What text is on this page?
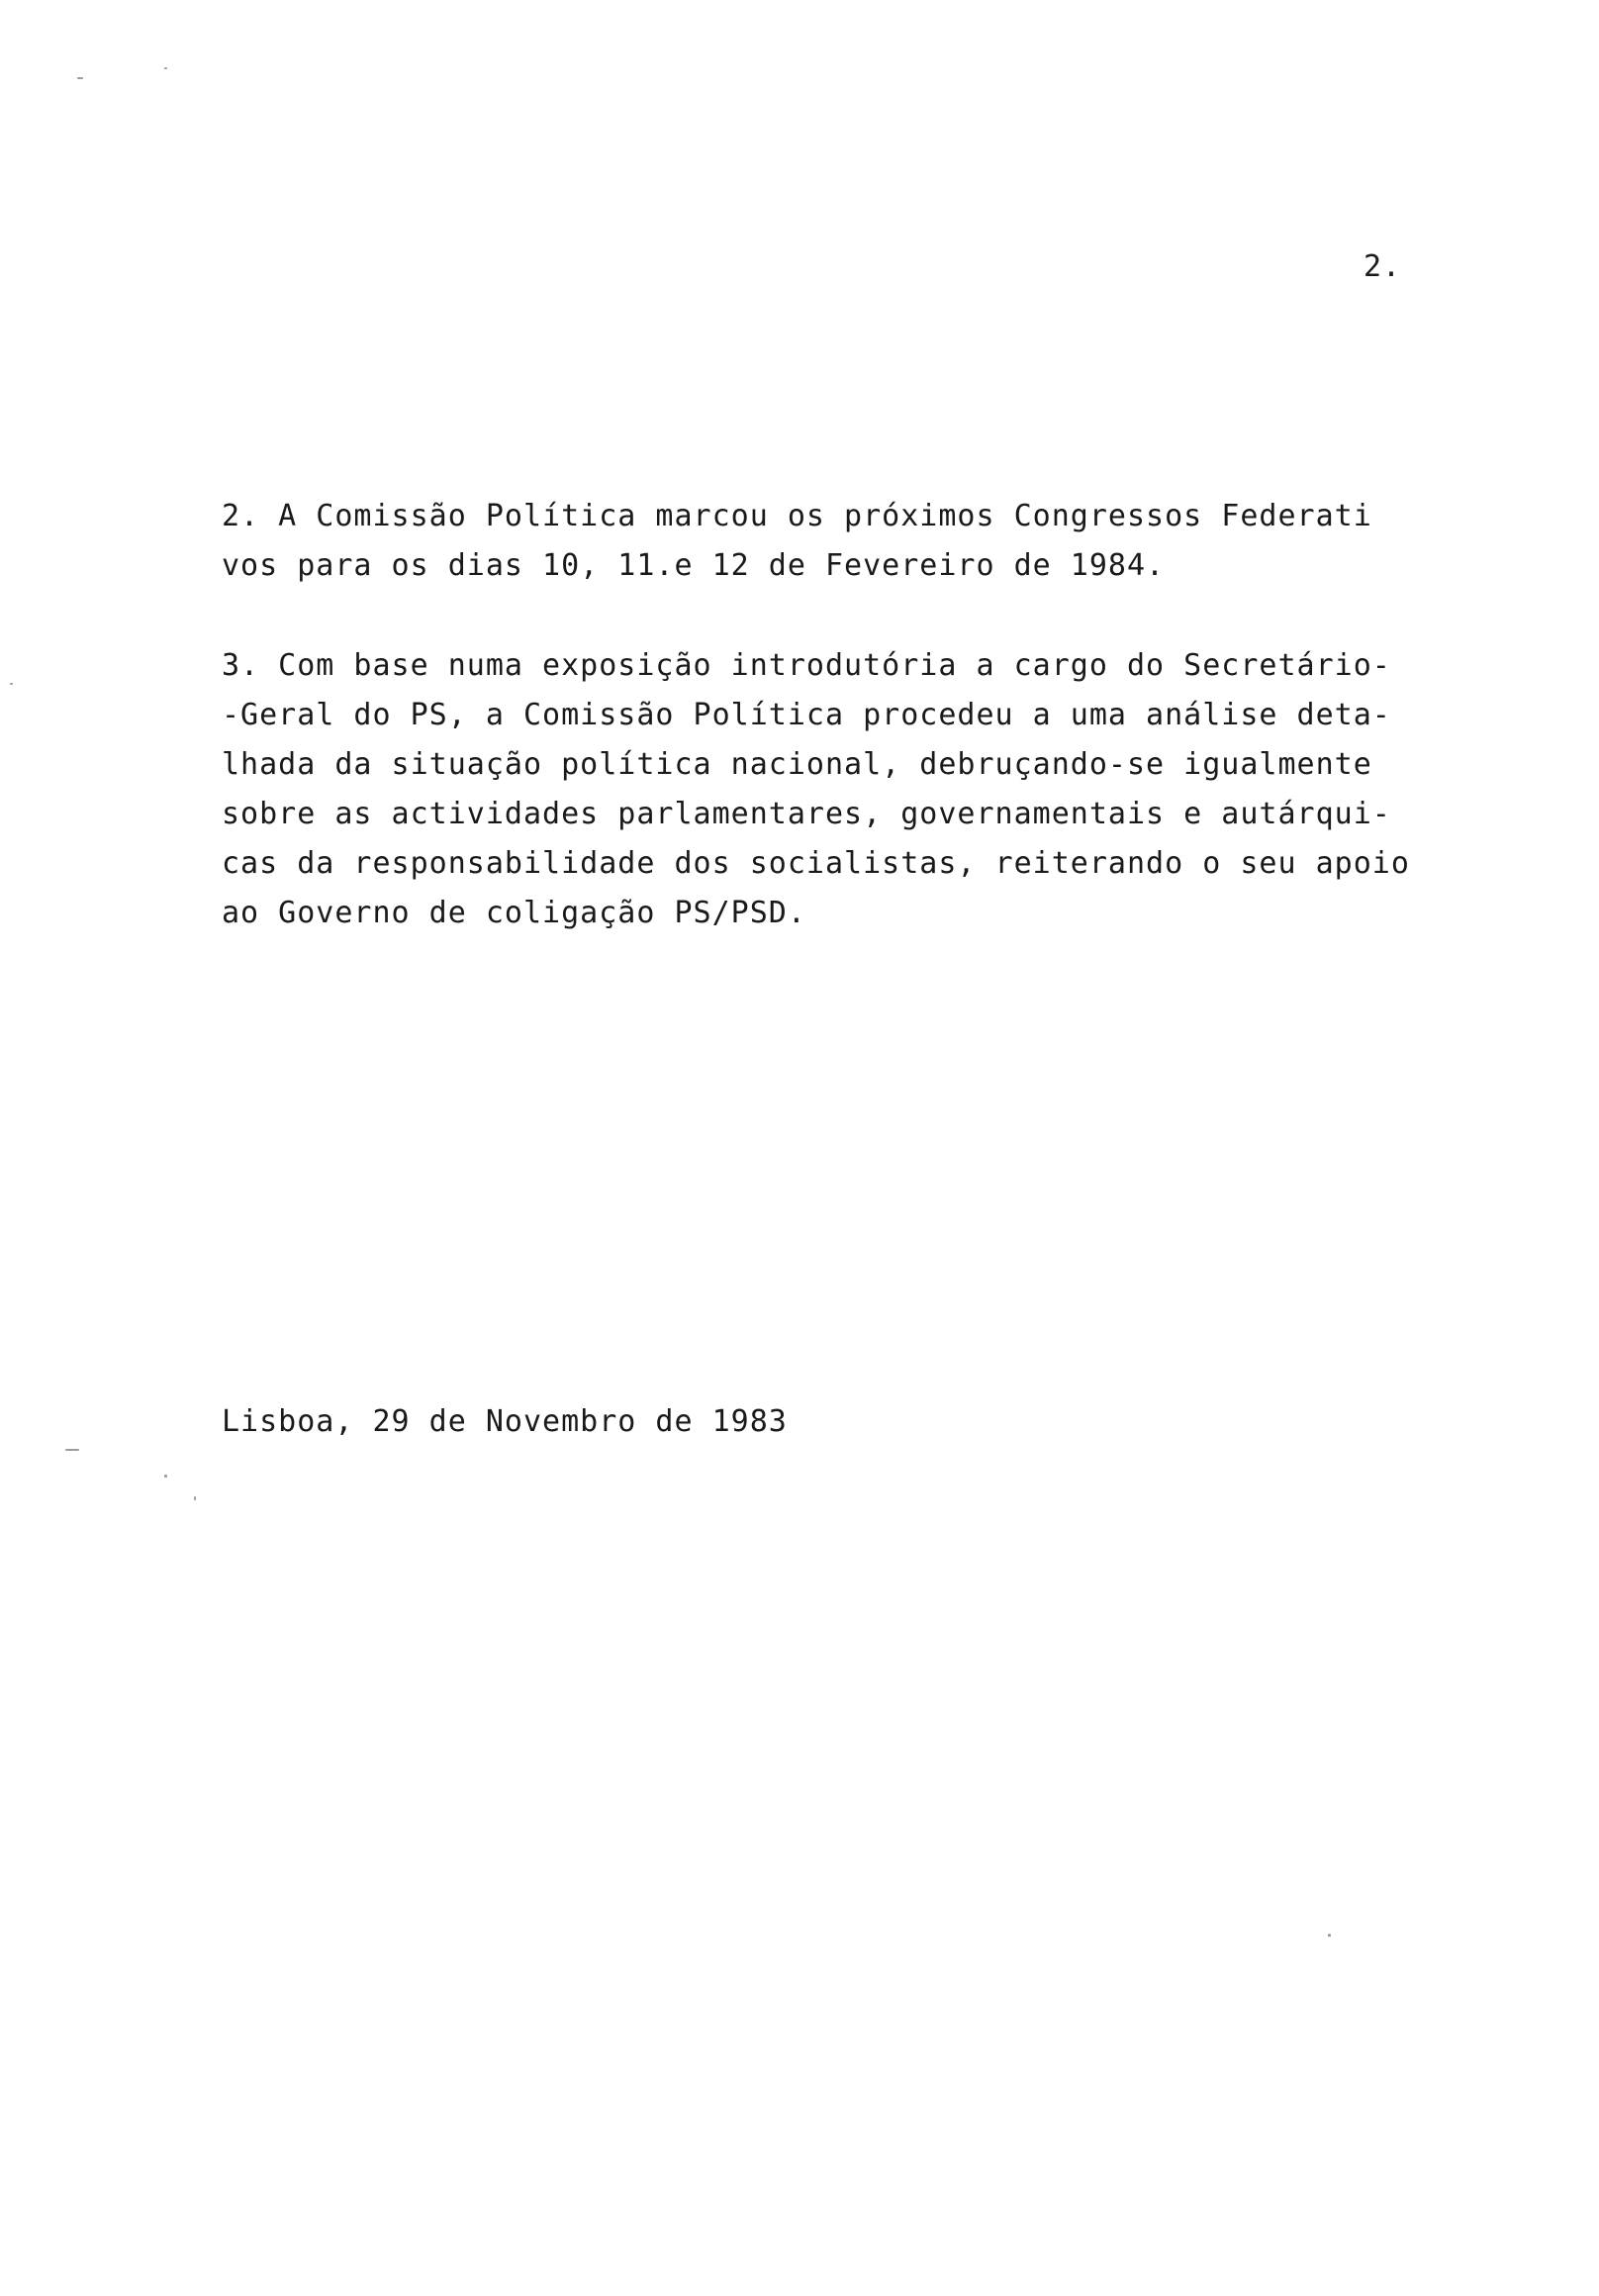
2.
2. A Comissão Política marcou os próximos Congressos Federati
vos para os dias 10, 11.e 12 de Fevereiro de 1984.
3. Com base numa exposição introdutória a cargo do Secretário-
-Geral do PS, a Comissão Política procedeu a uma análise deta-
lhada da situação política nacional, debruçando-se igualmente
sobre as actividades parlamentares, governamentais e autárqui-
cas da responsabilidade dos socialistas, reiterando o seu apoio
ao Governo de coligação PS/PSD.
Lisboa, 29 de Novembro de 1983
